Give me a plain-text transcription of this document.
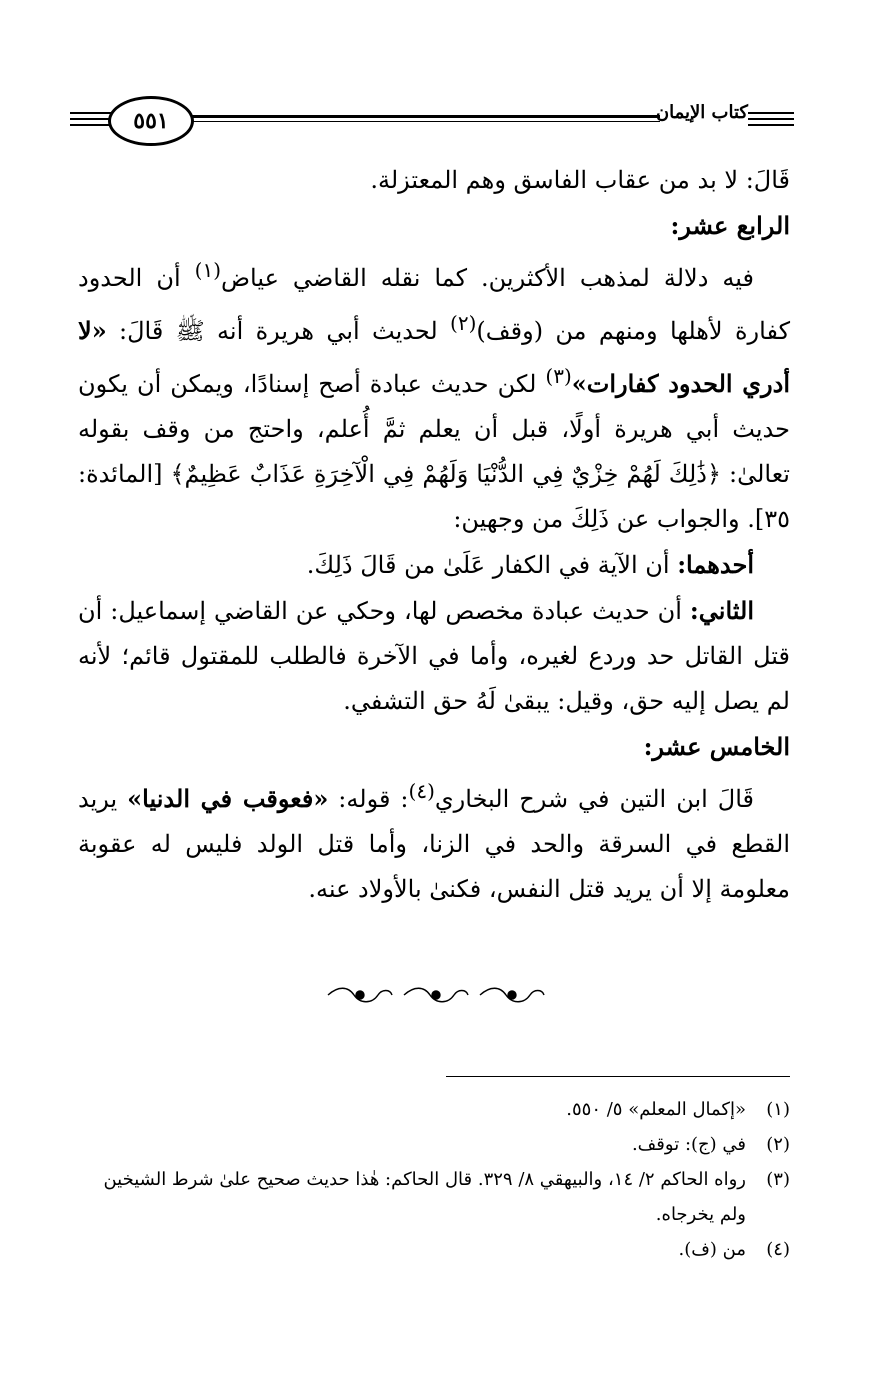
٥٥١	كتاب الإيمان

قَالَ: لا بد من عقاب الفاسق وهم المعتزلة.

الرابع عشر:

فيه دلالة لمذهب الأكثرين. كما نقله القاضي عياض$^{(١)}$ أن الحدود كفارة لأهلها ومنهم من (وقف)$^{(٢)}$ لحديث أبي هريرة أنه ﷺ قَالَ: «لا أدري الحدود كفارات»$^{(٣)}$ لكن حديث عبادة أصح إسنادًا، ويمكن أن يكون حديث أبي هريرة أولًا، قبل أن يعلم ثمَّ أُعلم، واحتج من وقف بقوله تعالىٰ: ﴿ذَٰلِكَ لَهُمْ خِزْيٌ فِي الدُّنْيَا وَلَهُمْ فِي الْآخِرَةِ عَذَابٌ عَظِيمٌ﴾ [المائدة: ٣٥]. والجواب عن ذَلِكَ من وجهين:

أحدهما: أن الآية في الكفار عَلَىٰ من قَالَ ذَلِكَ.

الثاني: أن حديث عبادة مخصص لها، وحكي عن القاضي إسماعيل: أن قتل القاتل حد وردع لغيره، وأما في الآخرة فالطلب للمقتول قائم؛ لأنه لم يصل إليه حق، وقيل: يبقىٰ لَهُ حق التشفي.

الخامس عشر:

قَالَ ابن التين في شرح البخاري$^{(٤)}$: قوله: «فعوقب في الدنيا» يريد القطع في السرقة والحد في الزنا، وأما قتل الولد فليس له عقوبة معلومة إلا أن يريد قتل النفس، فكنىٰ بالأولاد عنه.

(١)
«إكمال المعلم» ٥/ ٥٥٠.
(٢)
في (ج): توقف.
(٣)
رواه الحاكم ٢/ ١٤، والبيهقي ٨/ ٣٢٩. قال الحاكم: هٰذا حديث صحيح علىٰ شرط الشيخين ولم يخرجاه.
(٤)
من (ف).
